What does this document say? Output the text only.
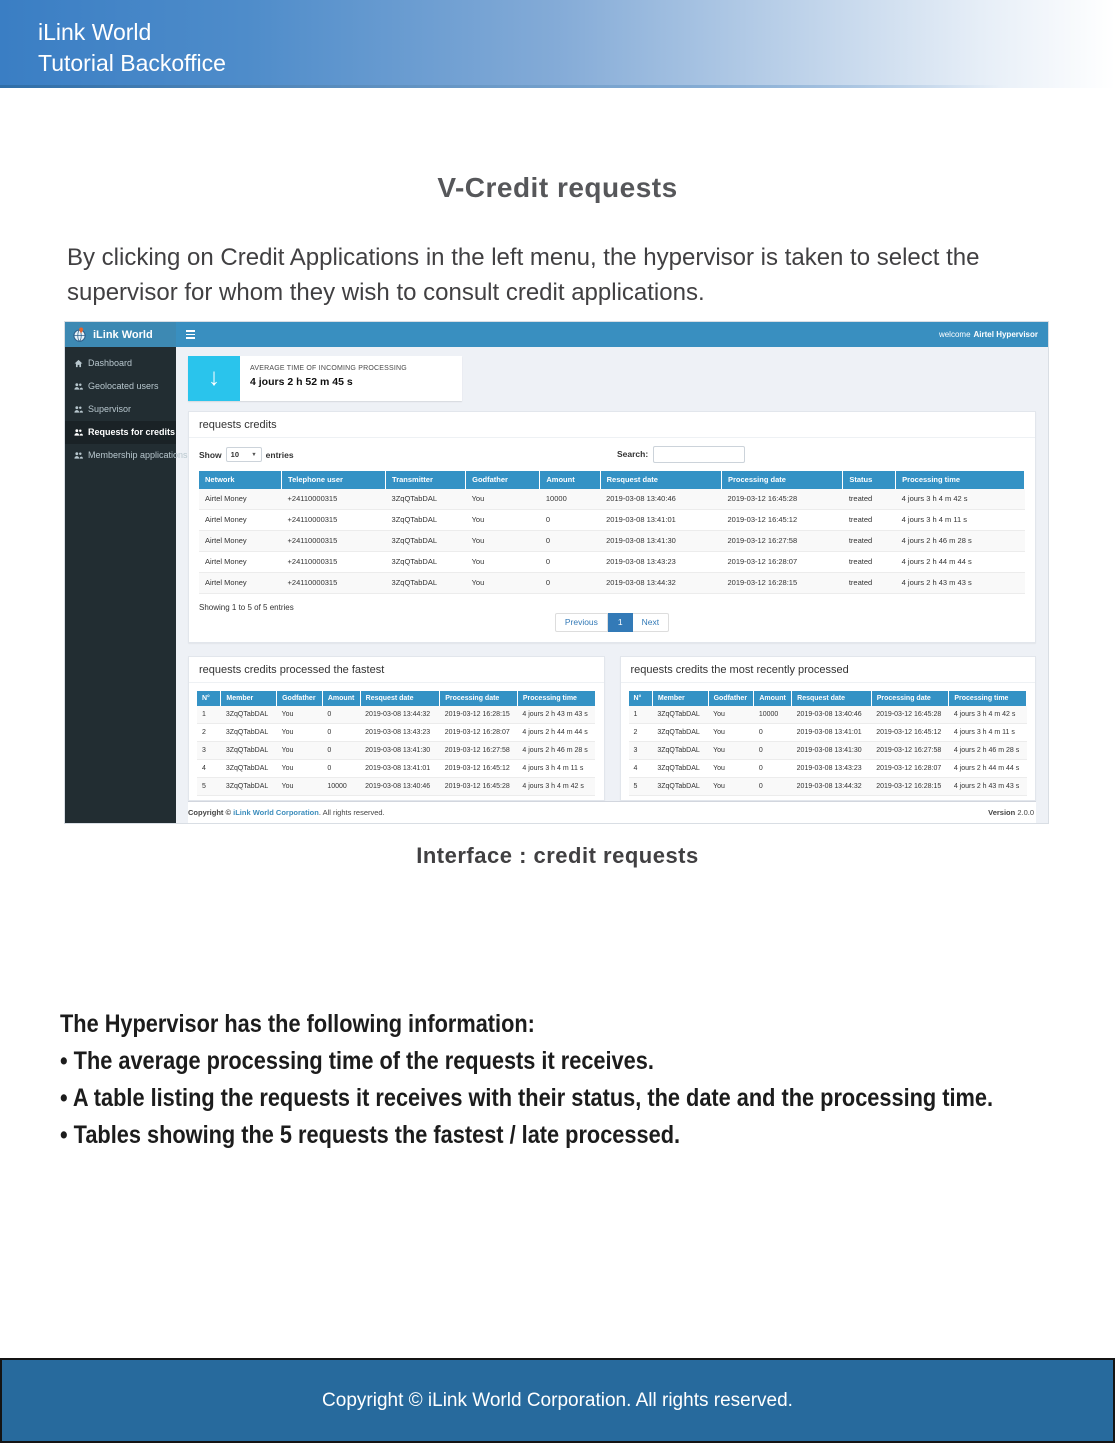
iLink World
Tutorial Backoffice
V-Credit requests
By clicking on Credit Applications in the left menu, the hypervisor is taken to select the supervisor for whom they wish to consult credit applications.
iLink World	welcome Airtel Hypervisor
Dashboard
Geolocated users
Supervisor
Requests for credits
Membership applications
↓	AVERAGE TIME OF INCOMING PROCESSING
4 jours 2 h 52 m 45 s
requests credits
Show 10 ▼ entries	Search:
Network	Telephone user	Transmitter	Godfather	Amount	Resquest date	Processing date	Status	Processing time
Airtel Money	+24110000315	3ZqQTabDAL	You	10000	2019-03-08 13:40:46	2019-03-12 16:45:28	treated	4 jours 3 h 4 m 42 s
Airtel Money	+24110000315	3ZqQTabDAL	You	0	2019-03-08 13:41:01	2019-03-12 16:45:12	treated	4 jours 3 h 4 m 11 s
Airtel Money	+24110000315	3ZqQTabDAL	You	0	2019-03-08 13:41:30	2019-03-12 16:27:58	treated	4 jours 2 h 46 m 28 s
Airtel Money	+24110000315	3ZqQTabDAL	You	0	2019-03-08 13:43:23	2019-03-12 16:28:07	treated	4 jours 2 h 44 m 44 s
Airtel Money	+24110000315	3ZqQTabDAL	You	0	2019-03-08 13:44:32	2019-03-12 16:28:15	treated	4 jours 2 h 43 m 43 s
Showing 1 to 5 of 5 entries
Previous	1	Next
requests credits processed the fastest
N°	Member	Godfather	Amount	Resquest date	Processing date	Processing time
1	3ZqQTabDAL	You	0	2019-03-08 13:44:32	2019-03-12 16:28:15	4 jours 2 h 43 m 43 s
2	3ZqQTabDAL	You	0	2019-03-08 13:43:23	2019-03-12 16:28:07	4 jours 2 h 44 m 44 s
3	3ZqQTabDAL	You	0	2019-03-08 13:41:30	2019-03-12 16:27:58	4 jours 2 h 46 m 28 s
4	3ZqQTabDAL	You	0	2019-03-08 13:41:01	2019-03-12 16:45:12	4 jours 3 h 4 m 11 s
5	3ZqQTabDAL	You	10000	2019-03-08 13:40:46	2019-03-12 16:45:28	4 jours 3 h 4 m 42 s
requests credits the most recently processed
N°	Member	Godfather	Amount	Resquest date	Processing date	Processing time
1	3ZqQTabDAL	You	10000	2019-03-08 13:40:46	2019-03-12 16:45:28	4 jours 3 h 4 m 42 s
2	3ZqQTabDAL	You	0	2019-03-08 13:41:01	2019-03-12 16:45:12	4 jours 3 h 4 m 11 s
3	3ZqQTabDAL	You	0	2019-03-08 13:41:30	2019-03-12 16:27:58	4 jours 2 h 46 m 28 s
4	3ZqQTabDAL	You	0	2019-03-08 13:43:23	2019-03-12 16:28:07	4 jours 2 h 44 m 44 s
5	3ZqQTabDAL	You	0	2019-03-08 13:44:32	2019-03-12 16:28:15	4 jours 2 h 43 m 43 s
Copyright © iLink World Corporation. All rights reserved.	Version 2.0.0
Interface : credit requests
The Hypervisor has the following information:
• The average processing time of the requests it receives.
• A table listing the requests it receives with their status, the date and the processing time.
• Tables showing the 5 requests the fastest / late processed.
Copyright © iLink World Corporation. All rights reserved.
